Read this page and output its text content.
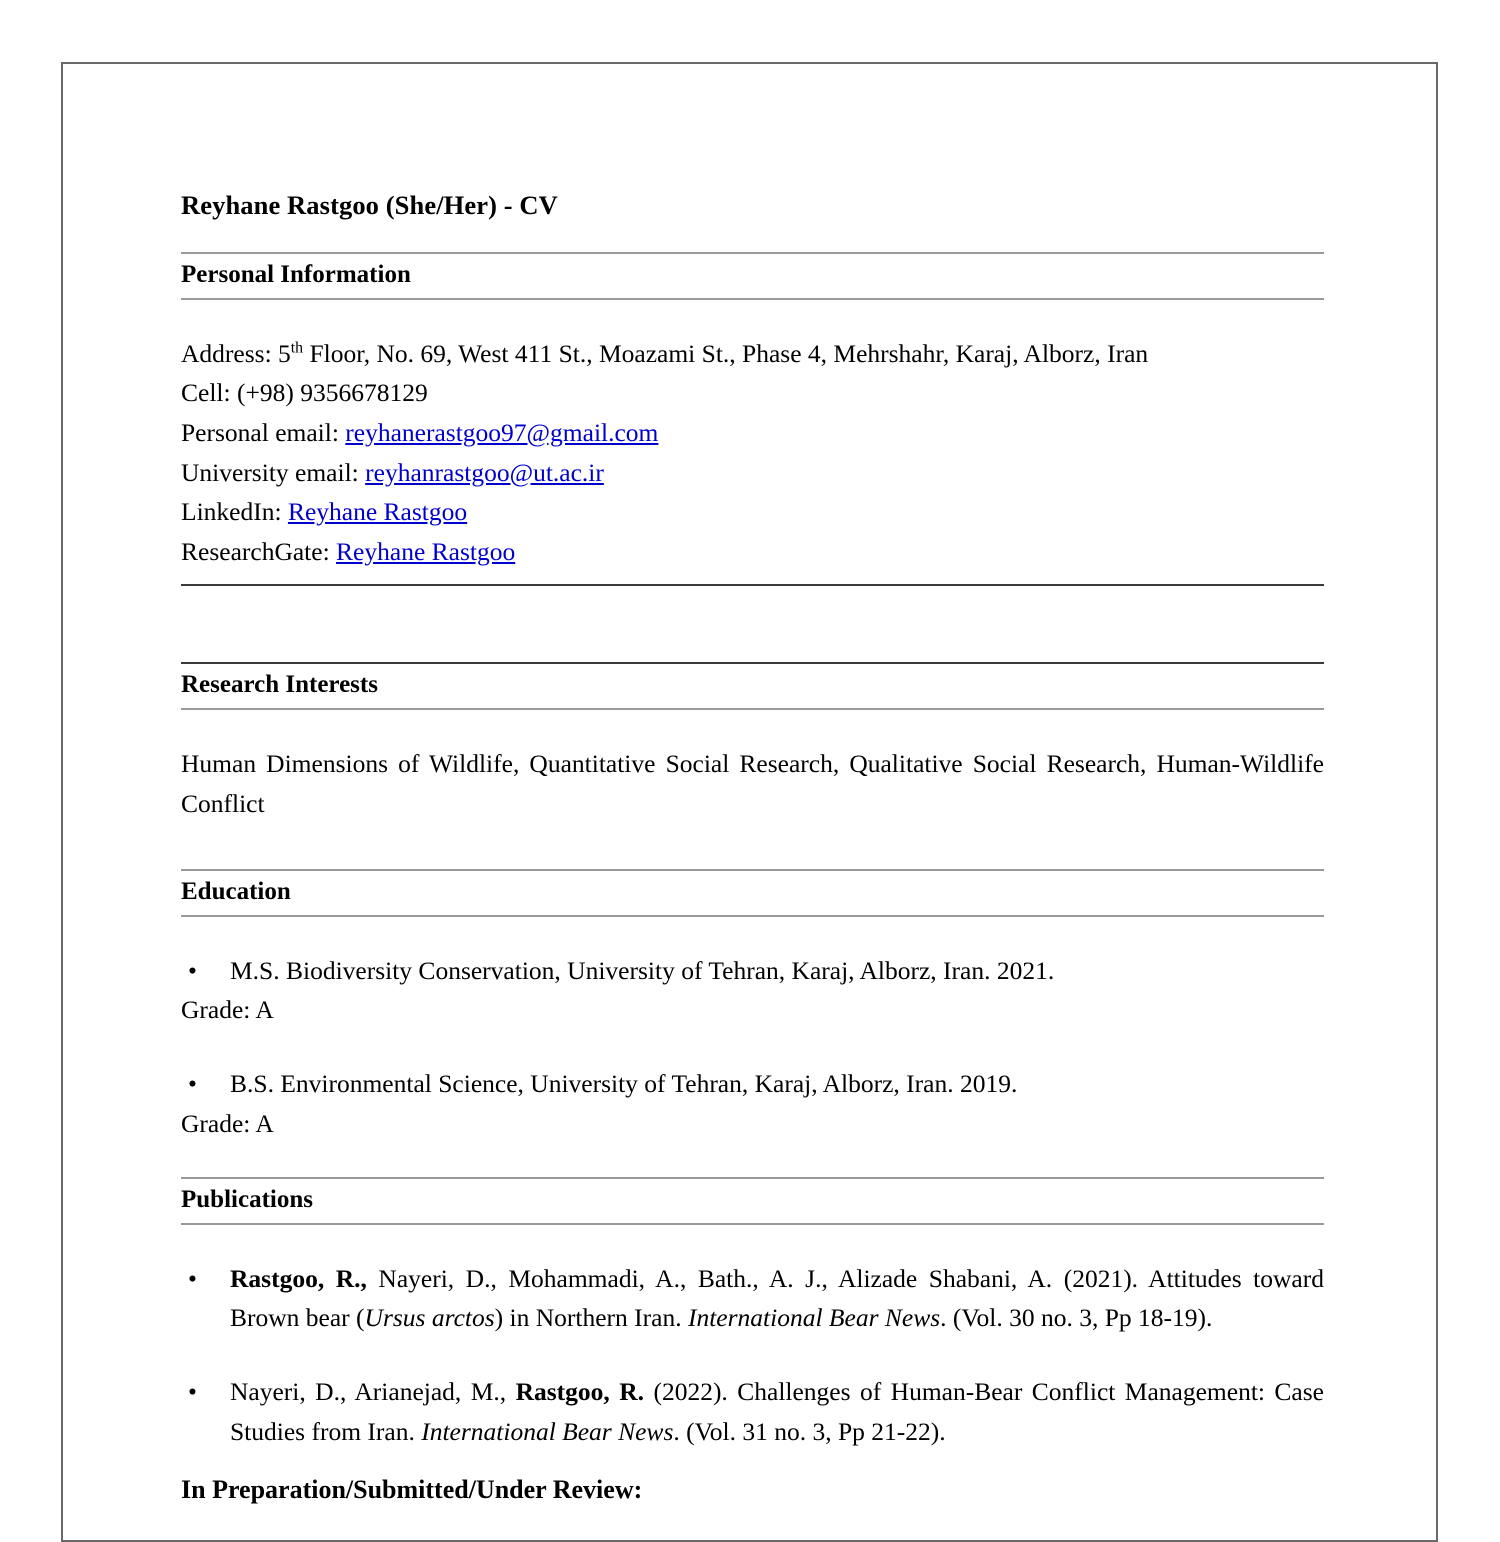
Reyhane Rastgoo (She/Her) - CV
Personal Information
Address: 5th Floor, No. 69, West 411 St., Moazami St., Phase 4, Mehrshahr, Karaj, Alborz, Iran
Cell: (+98) 9356678129
Personal email: reyhanerastgoo97@gmail.com
University email: reyhanrastgoo@ut.ac.ir
LinkedIn: Reyhane Rastgoo
ResearchGate: Reyhane Rastgoo
Research Interests
Human Dimensions of Wildlife, Quantitative Social Research, Qualitative Social Research, Human-Wildlife Conflict
Education
• M.S. Biodiversity Conservation, University of Tehran, Karaj, Alborz, Iran. 2021.
Grade: A
• B.S. Environmental Science, University of Tehran, Karaj, Alborz, Iran. 2019.
Grade: A
Publications
• Rastgoo, R., Nayeri, D., Mohammadi, A., Bath., A. J., Alizade Shabani, A. (2021). Attitudes toward Brown bear (Ursus arctos) in Northern Iran. International Bear News. (Vol. 30 no. 3, Pp 18-19).
• Nayeri, D., Arianejad, M., Rastgoo, R. (2022). Challenges of Human-Bear Conflict Management: Case Studies from Iran. International Bear News. (Vol. 31 no. 3, Pp 21-22).
In Preparation/Submitted/Under Review:
